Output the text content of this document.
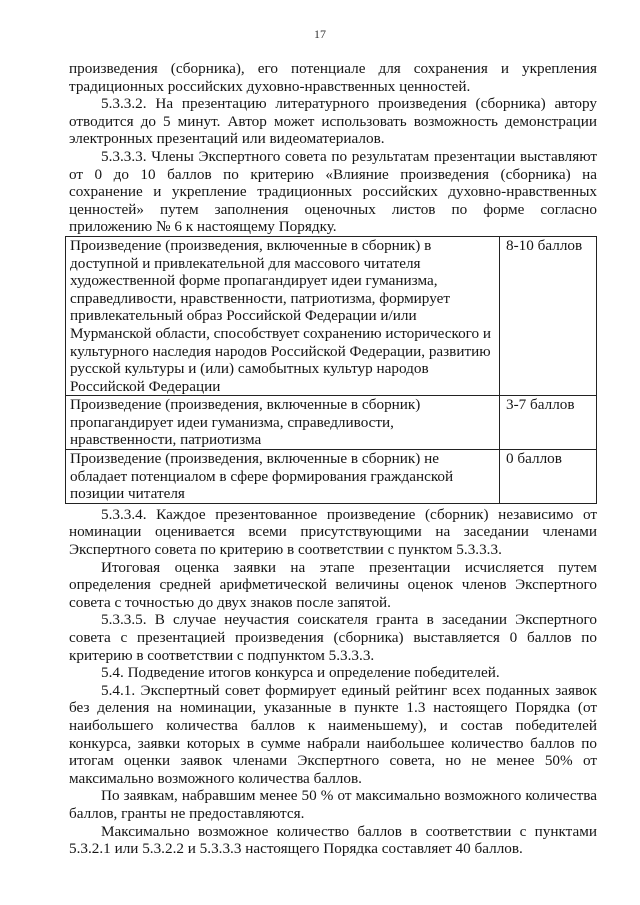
17

произведения (сборника), его потенциале для сохранения и укрепления традиционных российских духовно-нравственных ценностей.

5.3.3.2. На презентацию литературного произведения (сборника) автору отводится до 5 минут. Автор может использовать возможность демонстрации электронных презентаций или видеоматериалов.

5.3.3.3. Члены Экспертного совета по результатам презентации выставляют от 0 до 10 баллов по критерию «Влияние произведения (сборника) на сохранение и укрепление традиционных российских духовно-нравственных ценностей» путем заполнения оценочных листов по форме согласно приложению № 6 к настоящему Порядку.

Произведение (произведения, включенные в сборник) в доступной и привлекательной для массового читателя художественной форме пропагандирует идеи гуманизма, справедливости, нравственности, патриотизма, формирует привлекательный образ Российской Федерации и/или Мурманской области, способствует сохранению исторического и культурного наследия народов Российской Федерации, развитию русской культуры и (или) самобытных культур народов Российской Федерации	8-10 баллов
Произведение (произведения, включенные в сборник) пропагандирует идеи гуманизма, справедливости, нравственности, патриотизма	3-7 баллов
Произведение (произведения, включенные в сборник) не обладает потенциалом в сфере формирования гражданской позиции читателя	0 баллов

5.3.3.4. Каждое презентованное произведение (сборник) независимо от номинации оценивается всеми присутствующими на заседании членами Экспертного совета по критерию в соответствии с пунктом 5.3.3.3.

Итоговая оценка заявки на этапе презентации исчисляется путем определения средней арифметической величины оценок членов Экспертного совета с точностью до двух знаков после запятой.

5.3.3.5. В случае неучастия соискателя гранта в заседании Экспертного совета с презентацией произведения (сборника) выставляется 0 баллов по критерию в соответствии с подпунктом 5.3.3.3.

5.4. Подведение итогов конкурса и определение победителей.

5.4.1. Экспертный совет формирует единый рейтинг всех поданных заявок без деления на номинации, указанные в пункте 1.3 настоящего Порядка (от наибольшего количества баллов к наименьшему), и состав победителей конкурса, заявки которых в сумме набрали наибольшее количество баллов по итогам оценки заявок членами Экспертного совета, но не менее 50% от максимально возможного количества баллов.

По заявкам, набравшим менее 50 % от максимально возможного количества баллов, гранты не предоставляются.

Максимально возможное количество баллов в соответствии с пунктами 5.3.2.1 или 5.3.2.2 и 5.3.3.3 настоящего Порядка составляет 40 баллов.
